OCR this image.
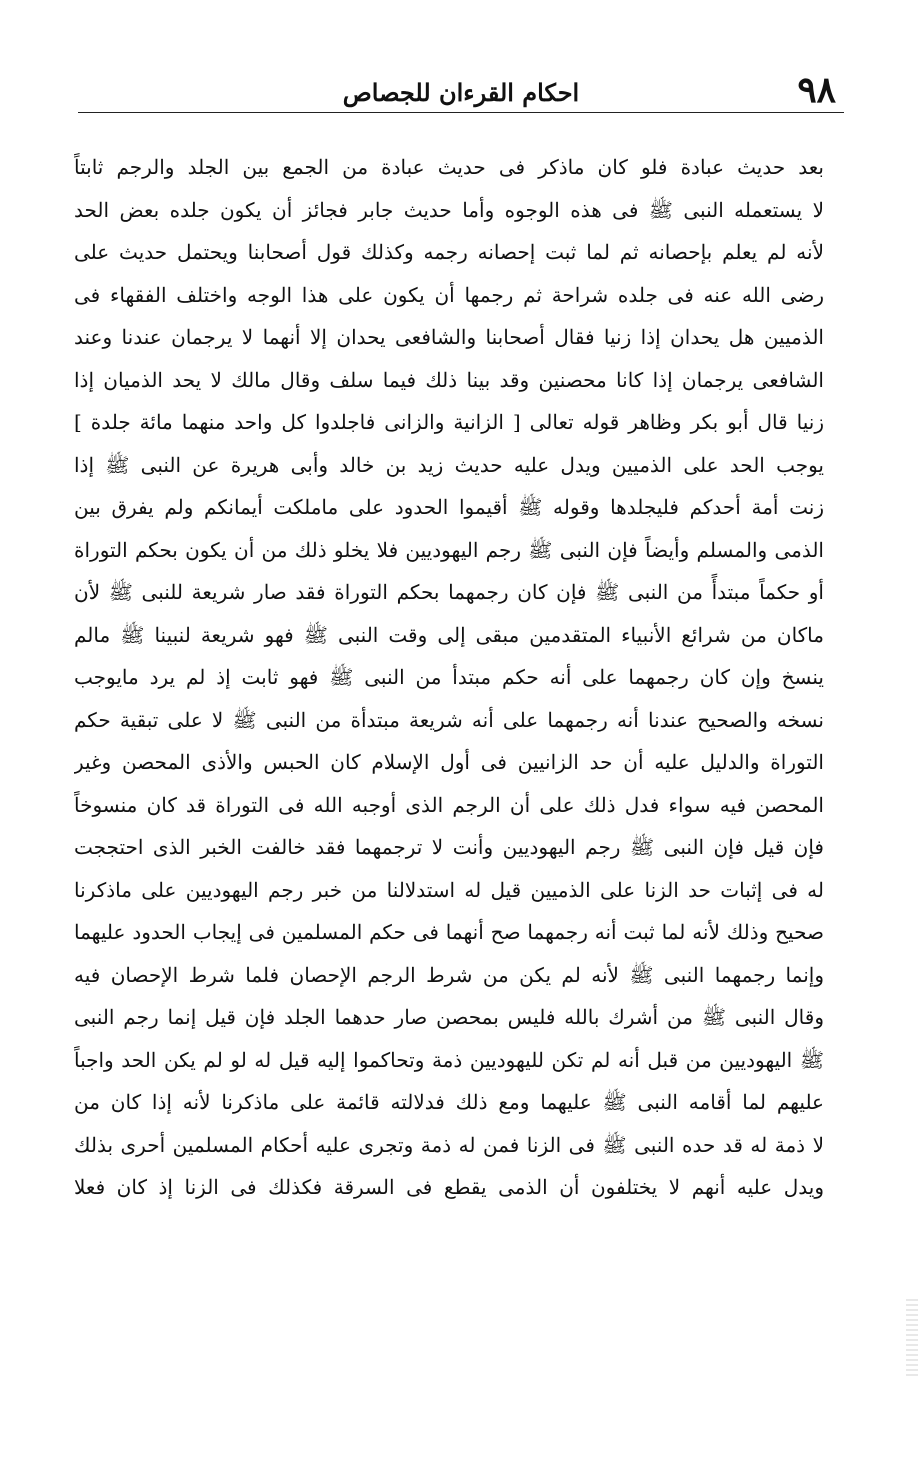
٩٨
احكام القرءان للجصاص
بعد حديث عبادة فلو كان ماذكر فى حديث عبادة من الجمع بين الجلد والرجم ثابتاً
لا يستعمله النبى ﷺ فى هذه الوجوه وأما حديث جابر فجائز أن يكون جلده بعض الحد
لأنه لم يعلم بإحصانه ثم لما ثبت إحصانه رجمه وكذلك قول أصحابنا ويحتمل حديث على
رضى الله عنه فى جلده شراحة ثم رجمها أن يكون على هذا الوجه واختلف الفقهاء فى
الذميين هل يحدان إذا زنيا فقال أصحابنا والشافعى يحدان إلا أنهما لا يرجمان عندنا وعند
الشافعى يرجمان إذا كانا محصنين وقد بينا ذلك فيما سلف وقال مالك لا يحد الذميان إذا
زنيا قال أبو بكر وظاهر قوله تعالى [ الزانية والزانى فاجلدوا كل واحد منهما مائة جلدة ]
يوجب الحد على الذميين ويدل عليه حديث زيد بن خالد وأبى هريرة عن النبى ﷺ إذا
زنت أمة أحدكم فليجلدها وقوله ﷺ أقيموا الحدود على ماملكت أيمانكم ولم يفرق بين
الذمى والمسلم وأيضاً فإن النبى ﷺ رجم اليهوديين فلا يخلو ذلك من أن يكون بحكم التوراة
أو حكماً مبتدأً من النبى ﷺ فإن كان رجمهما بحكم التوراة فقد صار شريعة للنبى ﷺ لأن
ماكان من شرائع الأنبياء المتقدمين مبقى إلى وقت النبى ﷺ فهو شريعة لنبينا ﷺ مالم
ينسخ وإن كان رجمهما على أنه حكم مبتدأ من النبى ﷺ فهو ثابت إذ لم يرد مايوجب
نسخه والصحيح عندنا أنه رجمهما على أنه شريعة مبتدأة من النبى ﷺ لا على تبقية حكم
التوراة والدليل عليه أن حد الزانيين فى أول الإسلام كان الحبس والأذى المحصن وغير
المحصن فيه سواء فدل ذلك على أن الرجم الذى أوجبه الله فى التوراة قد كان منسوخاً
فإن قيل فإن النبى ﷺ رجم اليهوديين وأنت لا ترجمهما فقد خالفت الخبر الذى احتججت
له فى إثبات حد الزنا على الذميين قيل له استدلالنا من خبر رجم اليهوديين على ماذكرنا
صحيح وذلك لأنه لما ثبت أنه رجمهما صح أنهما فى حكم المسلمين فى إيجاب الحدود عليهما
وإنما رجمهما النبى ﷺ لأنه لم يكن من شرط الرجم الإحصان فلما شرط الإحصان فيه
وقال النبى ﷺ من أشرك بالله فليس بمحصن صار حدهما الجلد فإن قيل إنما رجم النبى
ﷺ اليهوديين من قبل أنه لم تكن لليهوديين ذمة وتحاكموا إليه قيل له لو لم يكن الحد واجباً
عليهم لما أقامه النبى ﷺ عليهما ومع ذلك فدلالته قائمة على ماذكرنا لأنه إذا كان من
لا ذمة له قد حده النبى ﷺ فى الزنا فمن له ذمة وتجرى عليه أحكام المسلمين أحرى بذلك
ويدل عليه أنهم لا يختلفون أن الذمى يقطع فى السرقة فكذلك فى الزنا إذ كان فعلا
